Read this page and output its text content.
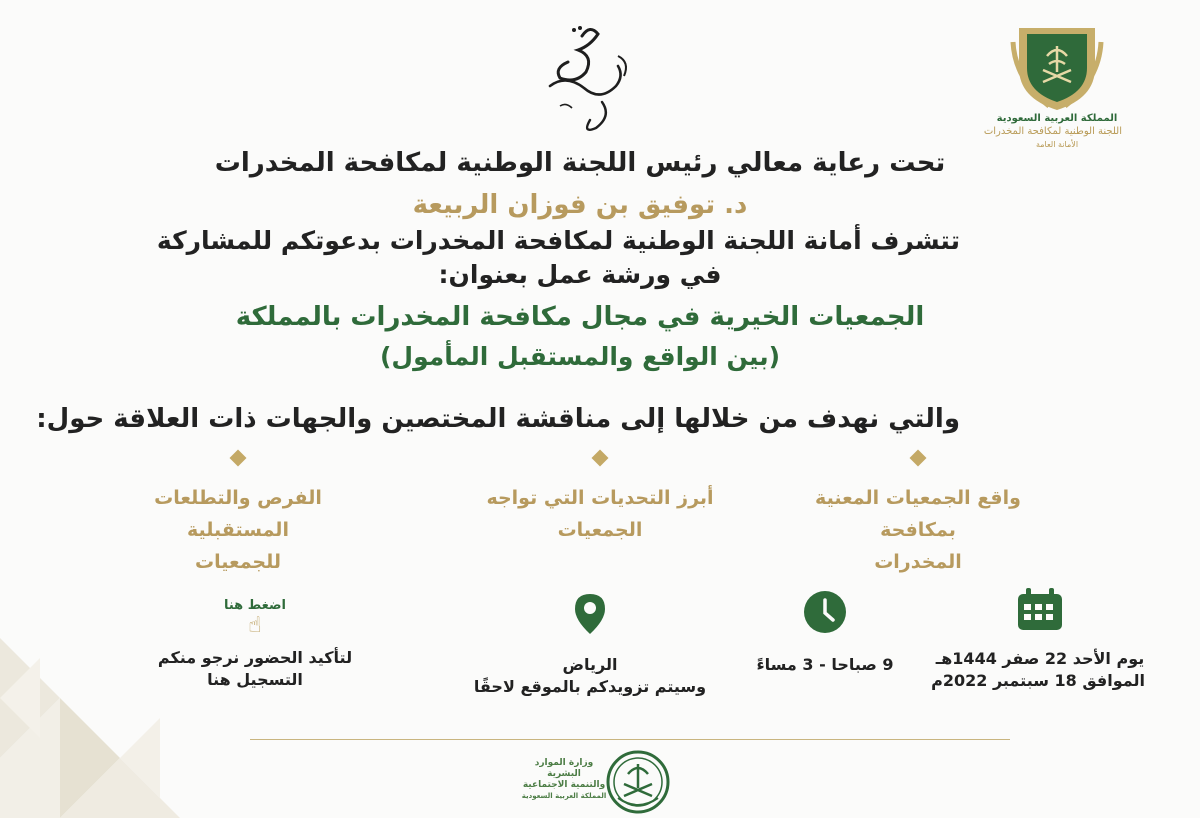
المملكة العربية السعودية
اللجنة الوطنية لمكافحة المخدرات
الأمانة العامة
تحت رعاية معالي رئيس اللجنة الوطنية لمكافحة المخدرات
د. توفيق بن فوزان الربيعة
تتشرف أمانة اللجنة الوطنية لمكافحة المخدرات بدعوتكم للمشاركة
في ورشة عمل بعنوان:
الجمعيات الخيرية في مجال مكافحة المخدرات بالمملكة
(بين الواقع والمستقبل المأمول)
والتي نهدف من خلالها إلى مناقشة المختصين والجهات ذات العلاقة حول:
واقع الجمعيات المعنية بمكافحة
المخدرات
أبرز التحديات التي تواجه
الجمعيات
الفرص والتطلعات المستقبلية
للجمعيات
يوم الأحد 22 صفر 1444هـ
الموافق 18 سبتمبر 2022م
9 صباحا - 3 مساءً
الرياض
وسيتم تزويدكم بالموقع لاحقًا
اضغط هنا
☝
لتأكيد الحضور نرجو منكم
التسجيل هنا
وزارة الموارد البشرية
والتنمية الاجتماعية
المملكة العربية السعودية
